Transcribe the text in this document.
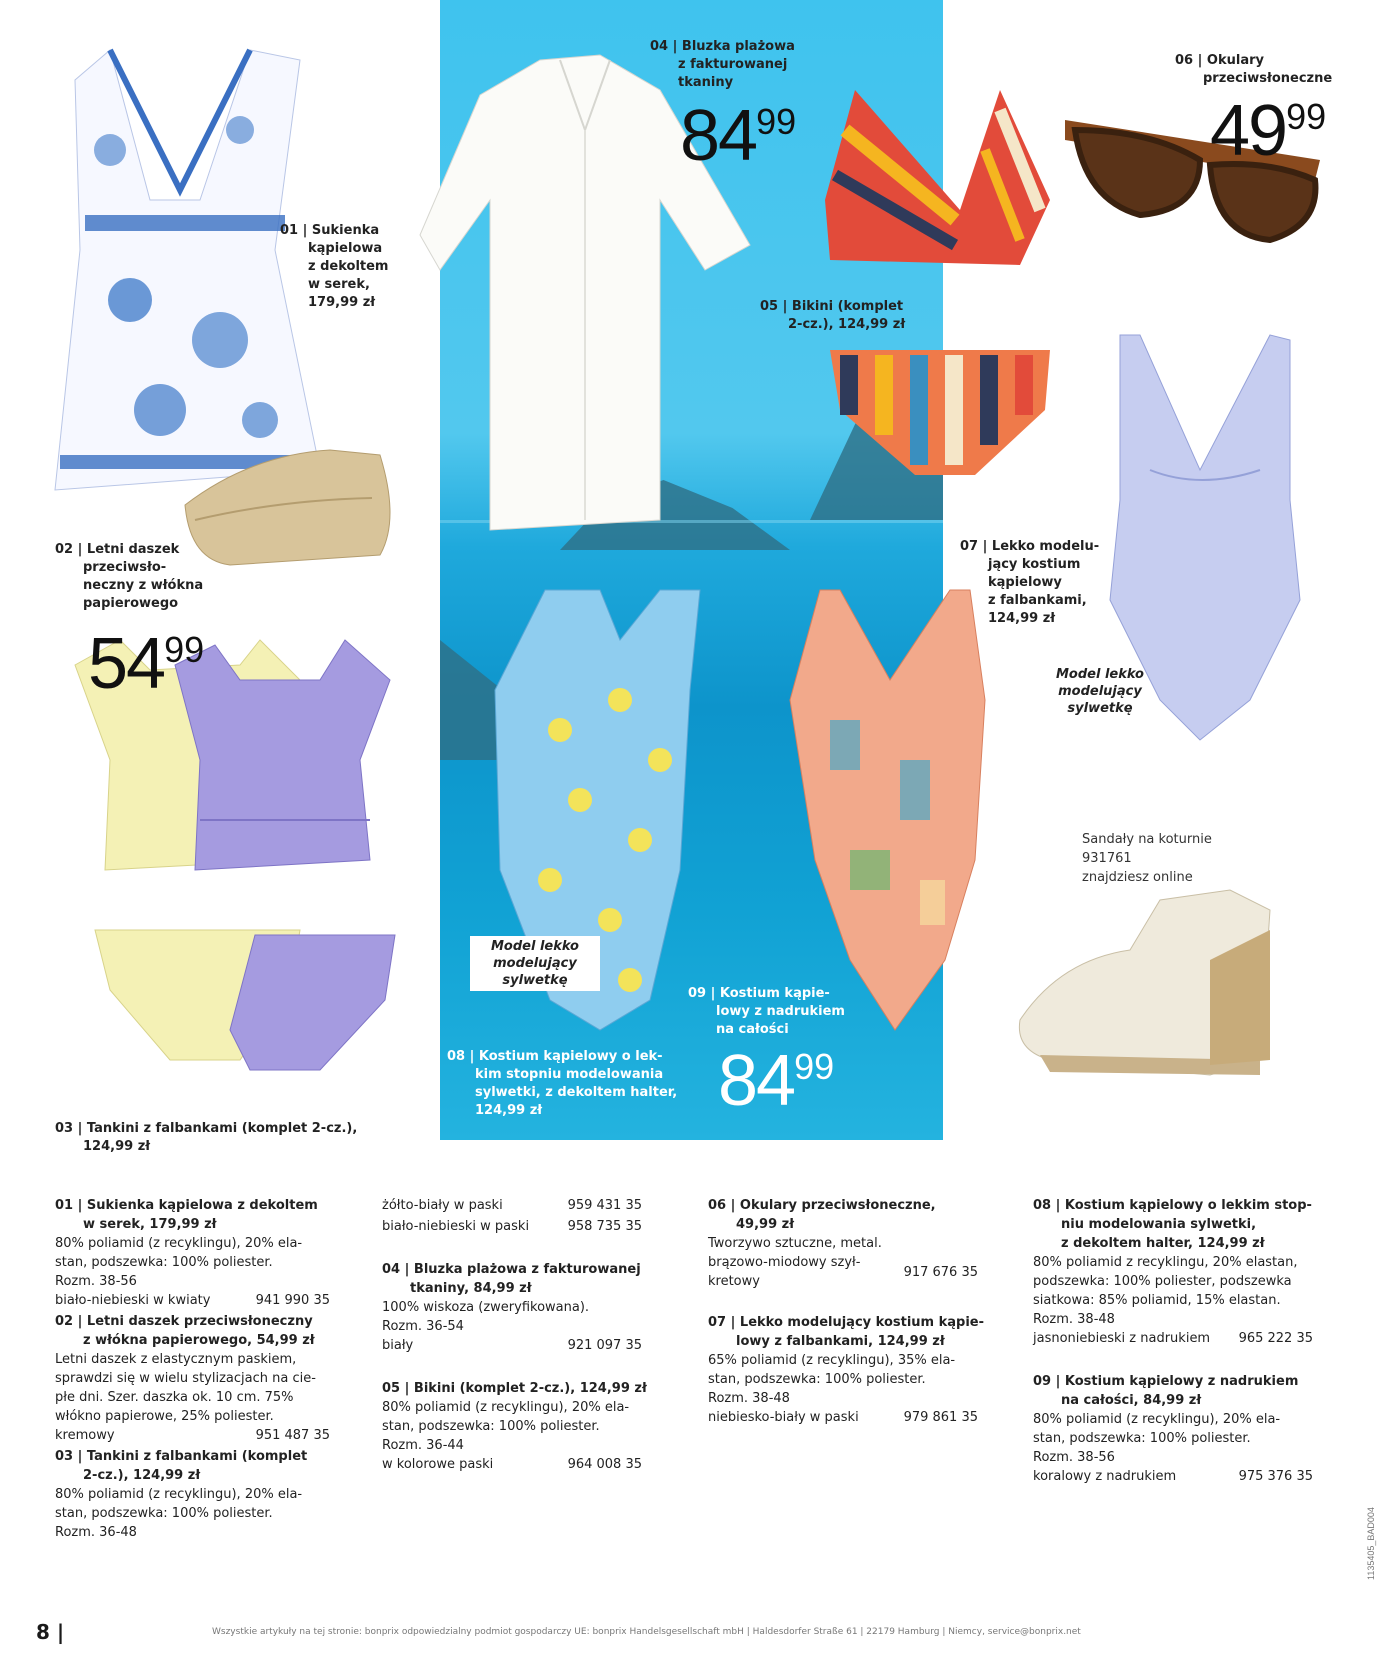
01 | Sukienka
kąpielowa
z dekoltem
w serek,
179,99 zł
02 | Letni daszek
przeciwsło-
neczny z włókna
papierowego
5499
03 | Tankini z falbankami (komplet 2-cz.),
124,99 zł
04 | Bluzka plażowa
z fakturowanej
tkaniny
8499
05 | Bikini (komplet
2-cz.), 124,99 zł
06 | Okulary
przeciwsłoneczne
4999
07 | Lekko modelu-
jący kostium
kąpielowy
z falbankami,
124,99 zł
Model lekko
modelujący
sylwetkę
Model lekko
modelujący
sylwetkę
08 | Kostium kąpielowy o lek-
kim stopniu modelowania
sylwetki, z dekoltem halter,
124,99 zł
09 | Kostium kąpie-
lowy z nadrukiem
na całości
8499
Sandały na koturnie
931761
znajdziesz online
01 | Sukienka kąpielowa z dekoltem
w serek, 179,99 zł

80% poliamid (z recyklingu), 20% ela-

stan, podszewka: 100% poliester.

Rozm. 38-56

biało-niebieski w kwiaty	941 990 35
02 | Letni daszek przeciwsłoneczny
z włókna papierowego, 54,99 zł

Letni daszek z elastycznym paskiem,

sprawdzi się w wielu stylizacjach na cie-

płe dni. Szer. daszka ok. 10 cm. 75%

włókno papierowe, 25% poliester.

kremowy	951 487 35
03 | Tankini z falbankami (komplet
2-cz.), 124,99 zł

80% poliamid (z recyklingu), 20% ela-

stan, podszewka: 100% poliester.

Rozm. 36-48

żółto-biały w paski	959 431 35
biało-niebieski w paski	958 735 35
04 | Bluzka plażowa z fakturowanej
tkaniny, 84,99 zł

100% wiskoza (zweryfikowana).

Rozm. 36-54

biały	921 097 35
05 | Bikini (komplet 2-cz.), 124,99 zł

80% poliamid (z recyklingu), 20% ela-

stan, podszewka: 100% poliester.

Rozm. 36-44

w kolorowe paski	964 008 35
06 | Okulary przeciwsłoneczne,
49,99 zł

Tworzywo sztuczne, metal.

brązowo-miodowy szył-
kretowy
917 676 35
07 | Lekko modelujący kostium kąpie-
lowy z falbankami, 124,99 zł

65% poliamid (z recyklingu), 35% ela-

stan, podszewka: 100% poliester.

Rozm. 38-48

niebiesko-biały w paski	979 861 35
08 | Kostium kąpielowy o lekkim stop-
niu modelowania sylwetki,
z dekoltem halter, 124,99 zł

80% poliamid z recyklingu, 20% elastan,

podszewka: 100% poliester, podszewka

siatkowa: 85% poliamid, 15% elastan.

Rozm. 38-48

jasnoniebieski z nadrukiem 965 222 35
09 | Kostium kąpielowy z nadrukiem
na całości, 84,99 zł

80% poliamid (z recyklingu), 20% ela-

stan, podszewka: 100% poliester.

Rozm. 38-56

koralowy z nadrukiem	975 376 35
8 |	Wszystkie artykuły na tej stronie: bonprix odpowiedzialny podmiot gospodarczy UE: bonprix Handelsgesellschaft mbH | Haldesdorfer Straße 61 | 22179 Hamburg | Niemcy, service@bonprix.net
1135405_BAD004
